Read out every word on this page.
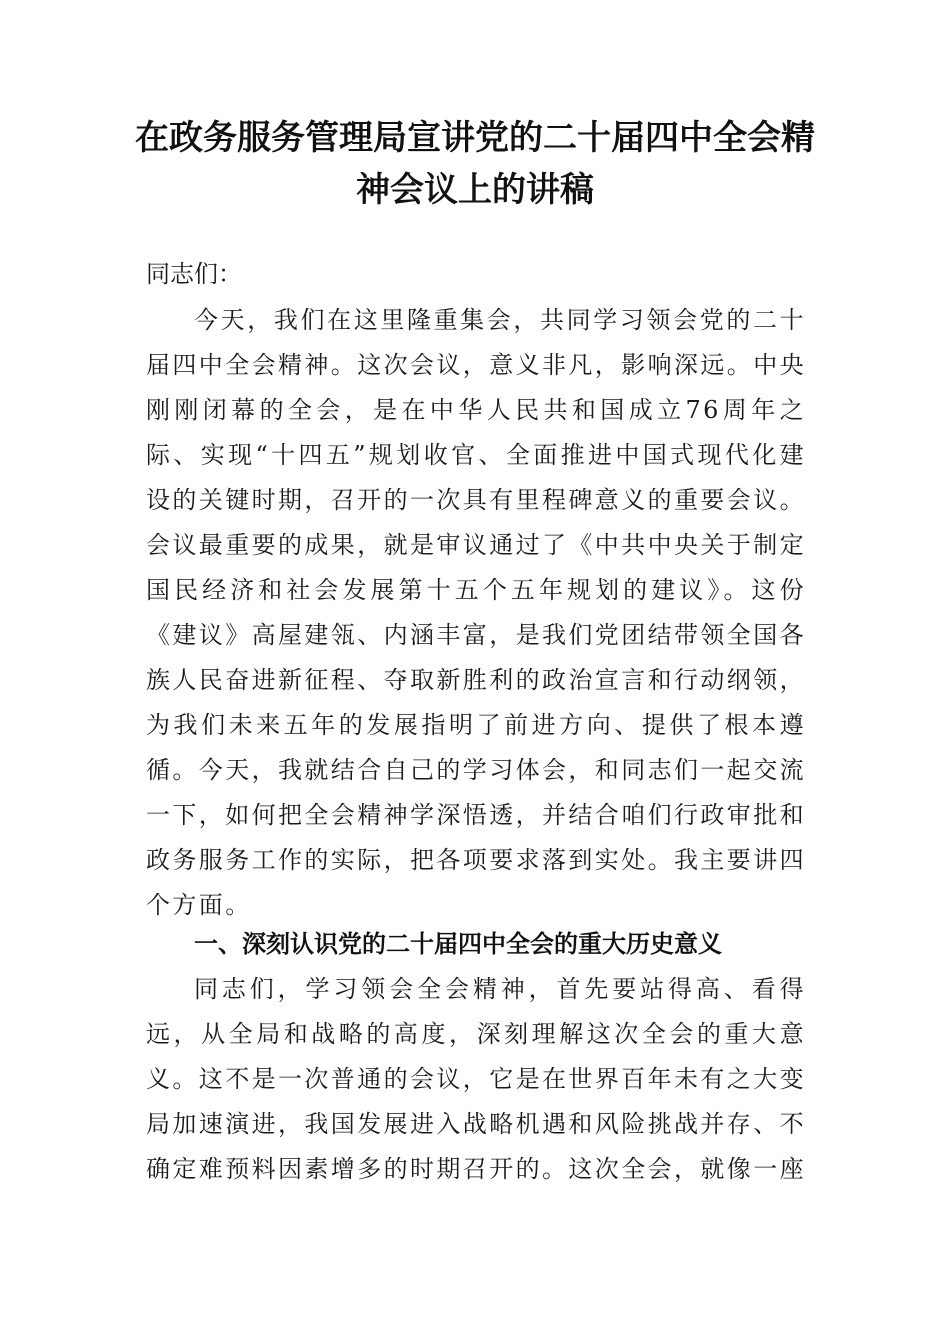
在政务服务管理局宣讲党的二十届四中全会精神会议上的讲稿

同志们：

今天，我们在这里隆重集会，共同学习领会党的二十届四中全会精神。这次会议，意义非凡，影响深远。中央刚刚闭幕的全会，是在中华人民共和国成立76周年之际、实现“十四五”规划收官、全面推进中国式现代化建设的关键时期，召开的一次具有里程碑意义的重要会议。会议最重要的成果，就是审议通过了《中共中央关于制定国民经济和社会发展第十五个五年规划的建议》。这份《建议》高屋建瓴、内涵丰富，是我们党团结带领全国各族人民奋进新征程、夺取新胜利的政治宣言和行动纲领，为我们未来五年的发展指明了前进方向、提供了根本遵循。今天，我就结合自己的学习体会，和同志们一起交流一下，如何把全会精神学深悟透，并结合咱们行政审批和政务服务工作的实际，把各项要求落到实处。我主要讲四个方面。

一、深刻认识党的二十届四中全会的重大历史意义

同志们，学习领会全会精神，首先要站得高、看得远，从全局和战略的高度，深刻理解这次全会的重大意义。这不是一次普通的会议，它是在世界百年未有之大变局加速演进，我国发展进入战略机遇和风险挑战并存、不确定难预料因素增多的时期召开的。这次全会，就像一座
